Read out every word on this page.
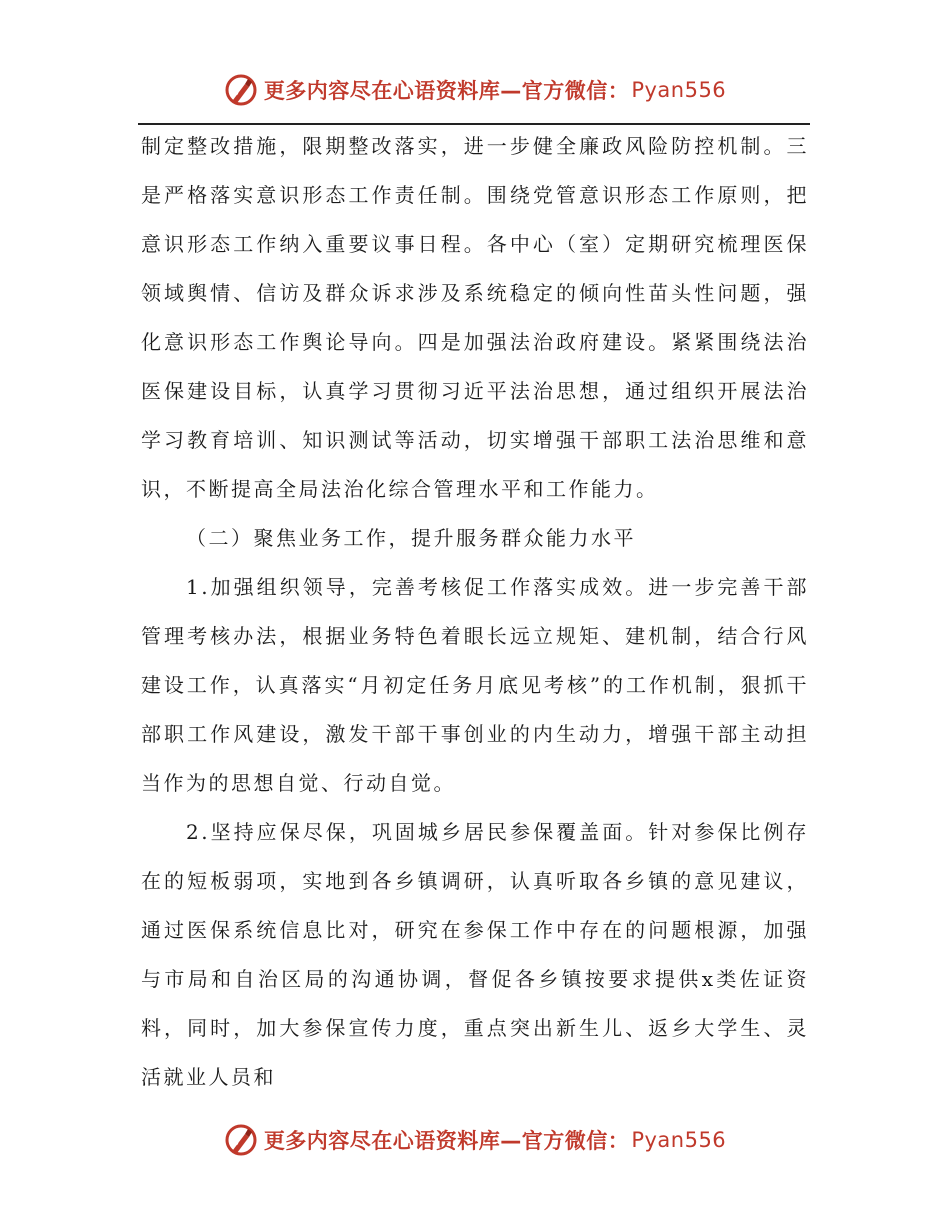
更多内容尽在心语资料库—官方微信： Pyan556

制定整改措施，限期整改落实，进一步健全廉政风险防控机制。三是严格落实意识形态工作责任制。围绕党管意识形态工作原则，把意识形态工作纳入重要议事日程。各中心（室）定期研究梳理医保领域舆情、信访及群众诉求涉及系统稳定的倾向性苗头性问题，强化意识形态工作舆论导向。四是加强法治政府建设。紧紧围绕法治医保建设目标，认真学习贯彻习近平法治思想，通过组织开展法治学习教育培训、知识测试等活动，切实增强干部职工法治思维和意识，不断提高全局法治化综合管理水平和工作能力。

（二）聚焦业务工作，提升服务群众能力水平

1.加强组织领导，完善考核促工作落实成效。进一步完善干部管理考核办法，根据业务特色着眼长远立规矩、建机制，结合行风建设工作，认真落实“月初定任务月底见考核”的工作机制，狠抓干部职工作风建设，激发干部干事创业的内生动力，增强干部主动担当作为的思想自觉、行动自觉。

2.坚持应保尽保，巩固城乡居民参保覆盖面。针对参保比例存在的短板弱项，实地到各乡镇调研，认真听取各乡镇的意见建议，通过医保系统信息比对，研究在参保工作中存在的问题根源，加强与市局和自治区局的沟通协调，督促各乡镇按要求提供x类佐证资料，同时，加大参保宣传力度，重点突出新生儿、返乡大学生、灵活就业人员和

更多内容尽在心语资料库—官方微信： Pyan556
